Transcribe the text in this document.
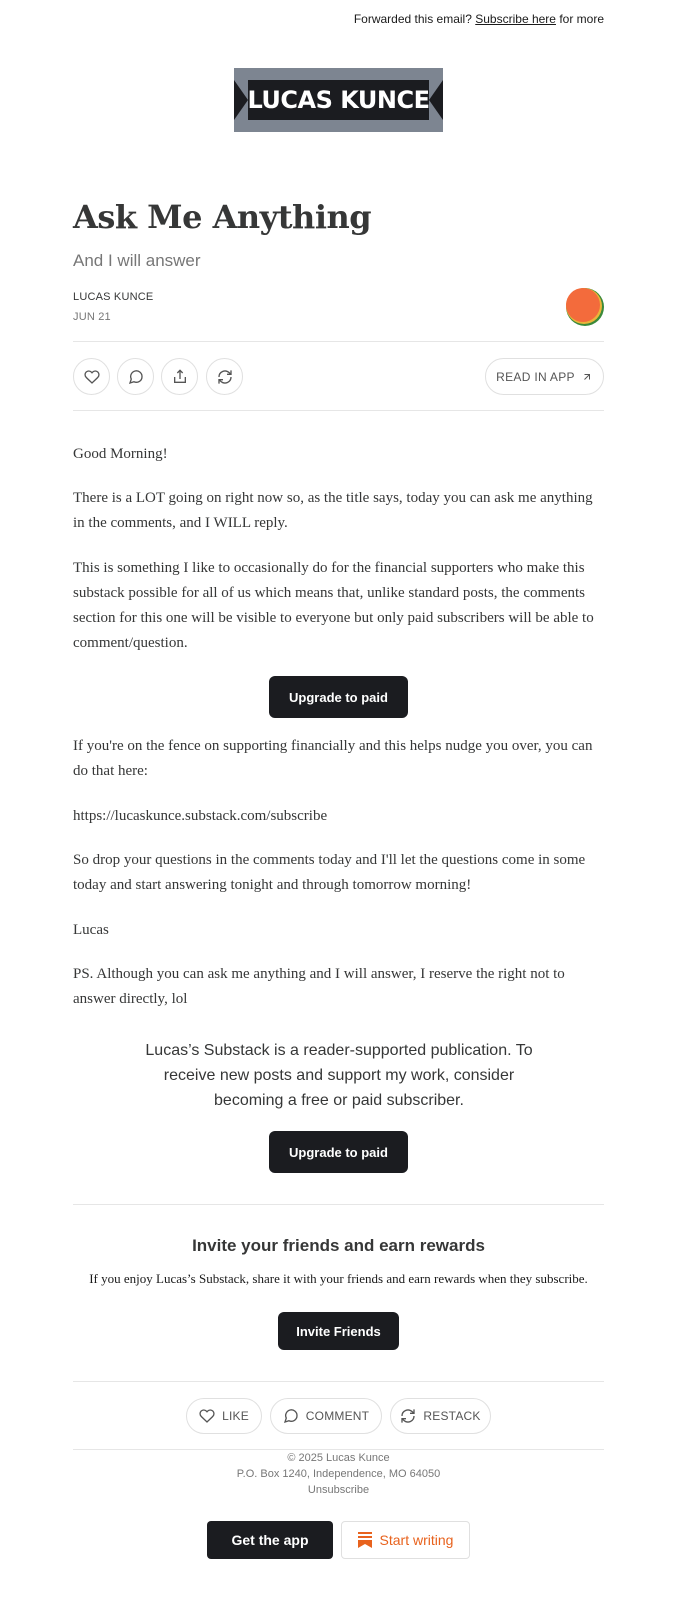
Forwarded this email? Subscribe here for more
LUCAS KUNCE
Ask Me Anything
And I will answer
LUCAS KUNCE
JUN 21
READ IN APP

Good Morning!

There is a LOT going on right now so, as the title says, today you can ask me anything in the comments, and I WILL reply.

This is something I like to occasionally do for the financial supporters who make this substack possible for all of us which means that, unlike standard posts, the comments section for this one will be visible to everyone but only paid subscribers will be able to comment/question.

Upgrade to paid

If you're on the fence on supporting financially and this helps nudge you over, you can do that here:

https://lucaskunce.substack.com/subscribe

So drop your questions in the comments today and I'll let the questions come in some today and start answering tonight and through tomorrow morning!

Lucas

PS. Although you can ask me anything and I will answer, I reserve the right not to answer directly, lol

Lucas’s Substack is a reader-supported publication. To receive new posts and support my work, consider becoming a free or paid subscriber.
Upgrade to paid
Invite your friends and earn rewards
If you enjoy Lucas’s Substack, share it with your friends and earn rewards when they subscribe.
Invite Friends
LIKE	COMMENT	RESTACK
© 2025 Lucas Kunce
P.O. Box 1240, Independence, MO 64050
Unsubscribe
Get the app	Start writing
